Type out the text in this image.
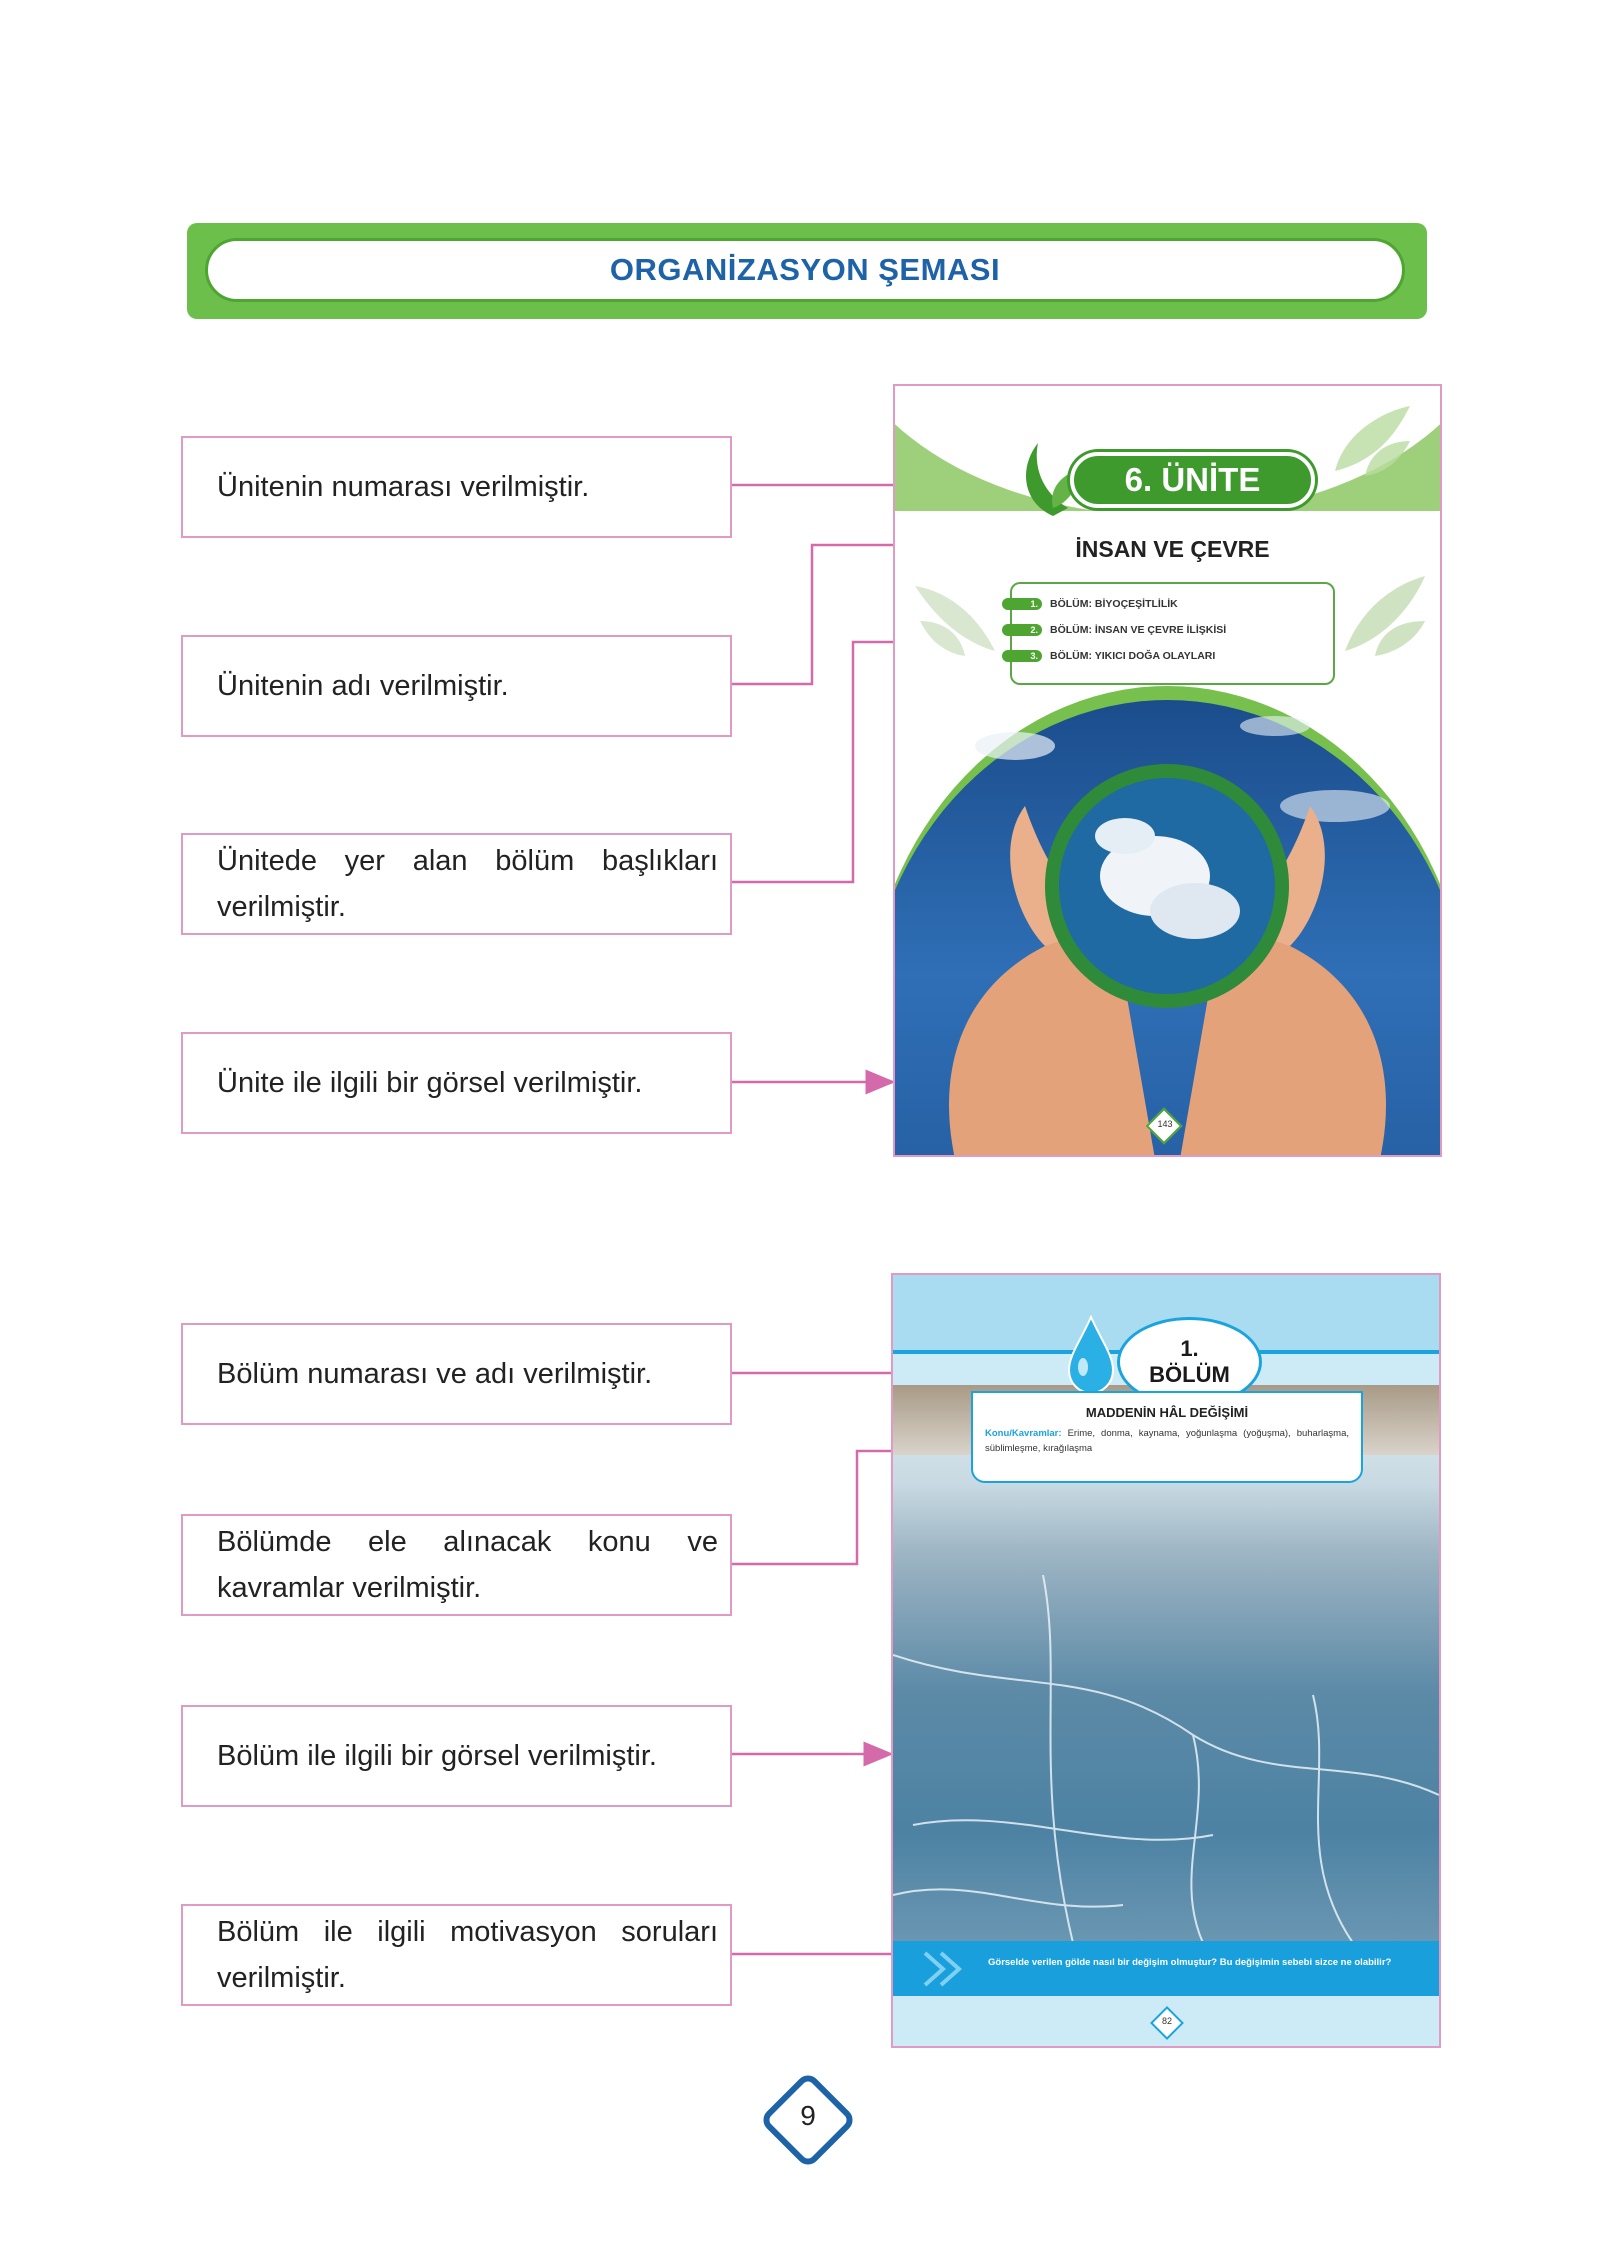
ORGANİZASYON ŞEMASI
Ünitenin numarası verilmiştir.
Ünitenin adı verilmiştir.
Ünitede yer alan bölüm başlıkları verilmiştir.
Ünite ile ilgili bir görsel verilmiştir.
Bölüm numarası ve adı verilmiştir.
Bölümde ele alınacak konu ve kavramlar verilmiştir.
Bölüm ile ilgili bir görsel verilmiştir.
Bölüm ile ilgili motivasyon soruları verilmiştir.
6. ÜNİTE
İNSAN VE ÇEVRE
1.	BÖLÜM: BİYOÇEŞİTLİLİK
2.	BÖLÜM: İNSAN VE ÇEVRE İLİŞKİSİ
3.	BÖLÜM: YIKICI DOĞA OLAYLARI
143
1.
BÖLÜM
MADDENİN HÂL DEĞİŞİMİ
Konu/Kavramlar: Erime, donma, kaynama, yoğunlaşma (yoğuşma), buharlaşma, süblimleşme, kırağılaşma
Görselde verilen gölde nasıl bir değişim olmuştur? Bu değişimin sebebi sizce ne olabilir?
82
9
